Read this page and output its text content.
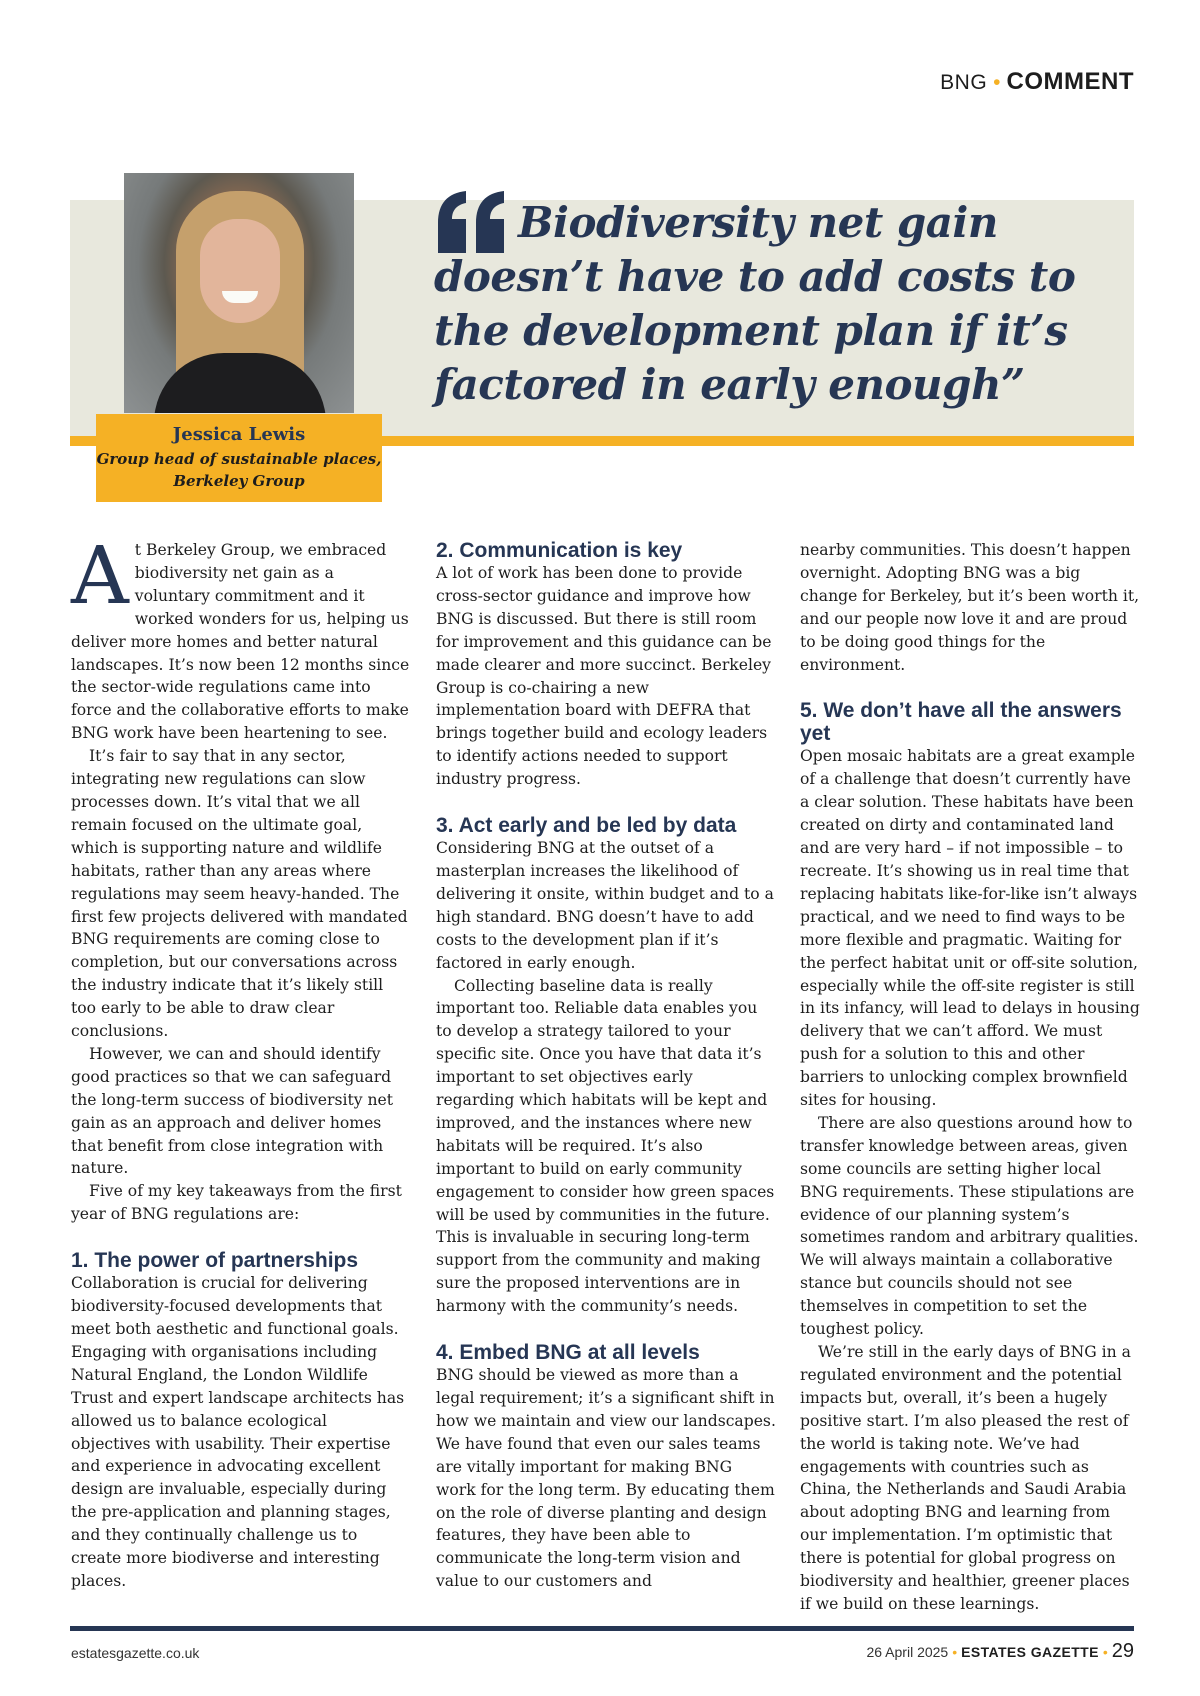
BNG • COMMENT
Jessica Lewis
Group head of sustainable places,
Berkeley Group
Biodiversity net gain
doesn’t have to add costs to
the development plan if it’s
factored in early enough”

At Berkeley Group, we embraced biodiversity net gain as a voluntary commitment and it worked wonders for us, helping us deliver more homes and better natural landscapes. It’s now been 12 months since the sector-wide regulations came into force and the collaborative efforts to make BNG work have been heartening to see.

It’s fair to say that in any sector, integrating new regulations can slow processes down. It’s vital that we all remain focused on the ultimate goal, which is supporting nature and wildlife habitats, rather than any areas where regulations may seem heavy-handed. The first few projects delivered with mandated BNG requirements are coming close to completion, but our conversations across the industry indicate that it’s likely still too early to be able to draw clear conclusions.

However, we can and should identify good practices so that we can safeguard the long-term success of biodiversity net gain as an approach and deliver homes that benefit from close integration with nature.

Five of my key takeaways from the first year of BNG regulations are:

1. The power of partnerships

Collaboration is crucial for delivering biodiversity-focused developments that meet both aesthetic and functional goals. Engaging with organisations including Natural England, the London Wildlife Trust and expert landscape architects has allowed us to balance ecological objectives with usability. Their expertise and experience in advocating excellent design are invaluable, especially during the pre-application and planning stages, and they continually challenge us to create more biodiverse and interesting places.

2. Communication is key

A lot of work has been done to provide cross-sector guidance and improve how BNG is discussed. But there is still room for improvement and this guidance can be made clearer and more succinct. Berkeley Group is co-chairing a new implementation board with DEFRA that brings together build and ecology leaders to identify actions needed to support industry progress.

3. Act early and be led by data

Considering BNG at the outset of a masterplan increases the likelihood of delivering it onsite, within budget and to a high standard. BNG doesn’t have to add costs to the development plan if it’s factored in early enough.

Collecting baseline data is really important too. Reliable data enables you to develop a strategy tailored to your specific site. Once you have that data it’s important to set objectives early regarding which habitats will be kept and improved, and the instances where new habitats will be required. It’s also important to build on early community engagement to consider how green spaces will be used by communities in the future. This is invaluable in securing long-term support from the community and making sure the proposed interventions are in harmony with the community’s needs.

4. Embed BNG at all levels

BNG should be viewed as more than a legal requirement; it’s a significant shift in how we maintain and view our landscapes. We have found that even our sales teams are vitally important for making BNG work for the long term. By educating them on the role of diverse planting and design features, they have been able to communicate the long-term vision and value to our customers and

nearby communities. This doesn’t happen overnight. Adopting BNG was a big change for Berkeley, but it’s been worth it, and our people now love it and are proud to be doing good things for the environment.

5. We don’t have all the answers yet

Open mosaic habitats are a great example of a challenge that doesn’t currently have a clear solution. These habitats have been created on dirty and contaminated land and are very hard – if not impossible – to recreate. It’s showing us in real time that replacing habitats like-for-like isn’t always practical, and we need to find ways to be more flexible and pragmatic. Waiting for the perfect habitat unit or off-site solution, especially while the off-site register is still in its infancy, will lead to delays in housing delivery that we can’t afford. We must push for a solution to this and other barriers to unlocking complex brownfield sites for housing.

There are also questions around how to transfer knowledge between areas, given some councils are setting higher local BNG requirements. These stipulations are evidence of our planning system’s sometimes random and arbitrary qualities. We will always maintain a collaborative stance but councils should not see themselves in competition to set the toughest policy.

We’re still in the early days of BNG in a regulated environment and the potential impacts but, overall, it’s been a hugely positive start. I’m also pleased the rest of the world is taking note. We’ve had engagements with countries such as China, the Netherlands and Saudi Arabia about adopting BNG and learning from our implementation. I’m optimistic that there is potential for global progress on biodiversity and healthier, greener places if we build on these learnings.

estatesgazette.co.uk	26 April 2025 • ESTATES GAZETTE • 29
